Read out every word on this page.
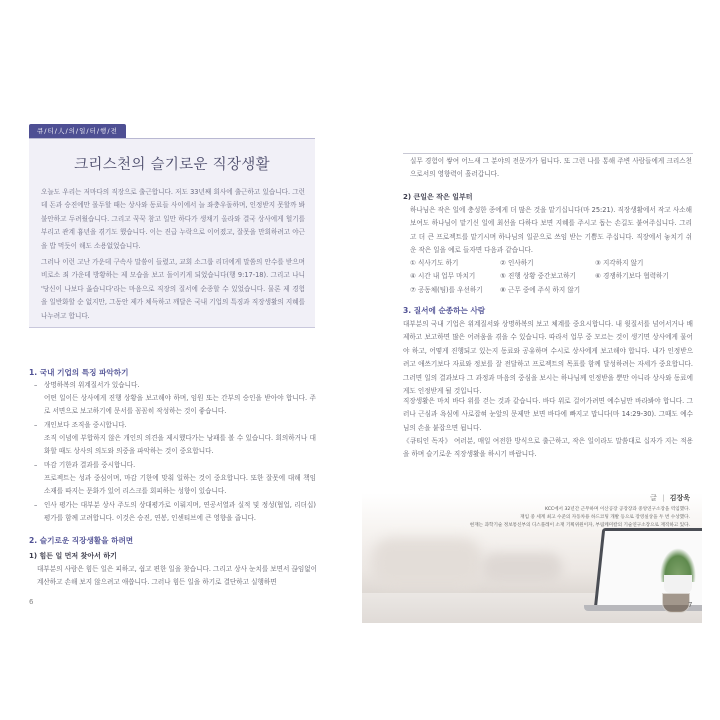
큐/티/人/의/일/터/행/전
크리스천의 슬기로운 직장생활
오늘도 우리는 저마다의 직장으로 출근합니다. 저도 33년째 회사에 출근하고 있습니다. 그런데 돈과 승진에만 몰두할 때는 상사와 동료들 사이에서 늘 좌충우돌하며, 인정받지 못할까 봐 불안하고 두려웠습니다. 그리고 꾹꾹 참고 일만 하다가 생채기 올라와 결국 상사에게 헐기를 부리고 관계 흉년을 겪기도 했습니다. 이는 진급 누락으로 이어졌고, 잘못을 만회하려고 야근을 밥 먹듯이 해도 소용없었습니다.
그러나 이런 고난 가운데 구속사 말씀이 들렸고, 교회 소그룹 리더에게 말씀의 안수를 받으며 비로소 죄 가운데 방황하는 제 모습을 보고 돌이키게 되었습니다(행 9:17-18). 그리고 나니 '당신이 나보다 옳습니다'라는 마음으로 직장의 질서에 순종할 수 있었습니다. 물론 제 경험을 일반화할 순 없지만, 그동안 제가 체득하고 깨달은 국내 기업의 특징과 직장생활의 지혜를 나누려고 합니다.
1. 국내 기업의 특징 파악하기
– 상명하복의 위계질서가 있습니다.
어떤 일이든 상사에게 진행 상황을 보고해야 하며, 임원 또는 간부의 승인을 받아야 합니다. 주로 서면으로 보고하기에 문서를 꼼꼼히 작성하는 것이 좋습니다.
– 개인보다 조직을 중시합니다.
조직 이념에 부합하지 않은 개인의 의견을 제시했다가는 낭패를 볼 수 있습니다. 회의하거나 대화할 때도 상사의 의도와 의중을 파악하는 것이 중요합니다.
– 마감 기한과 결과를 중시합니다.
프로젝트는 성과 중심이며, 마감 기한에 맞춰 일하는 것이 중요합니다. 또한 잘못에 대해 책임 소재를 따지는 문화가 있어 리스크를 회피하는 성향이 있습니다.
–	인사 평가는 대부분 상사 주도의 상대평가로 이뤄지며, 연공서열과 실적 및 정성(협업, 리더십) 평가를 함께 고려합니다. 이것은 승진, 연봉, 인센티브에 큰 영향을 줍니다.
2. 슬기로운 직장생활을 하려면
1) 힘든 일 먼저 찾아서 하기
대부분의 사람은 힘든 일은 피하고, 쉽고 편한 일을 찾습니다. 그리고 상사 눈치를 보면서 끊임없이 계산하고 손해 보지 않으려고 애씁니다. 그러나 힘든 일을 하기로 결단하고 실행하면
6
실무 경험이 쌓여 어느새 그 분야의 전문가가 됩니다. 또 그런 나를 통해 주변 사람들에게 크리스천으로서의 영향력이 흘러갑니다.
2) 큰일은 작은 일부터
하나님은 작은 일에 충성한 종에게 더 많은 것을 맡기십니다(마 25:21). 직장생활에서 작고 사소해 보여도 하나님이 맡기신 일에 최선을 다하다 보면 지혜를 주시고 돕는 손길도 붙여주십니다. 그리고 더 큰 프로젝트를 맡기시며 하나님의 일꾼으로 쓰임 받는 기쁨도 주십니다. 직장에서 놓치기 쉬운 작은 일을 예로 들자면 다음과 같습니다.
① 식사기도 하기	② 인사하기	③ 지각하지 않기
④ 시간 내 업무 마치기	⑤ 진행 상황 중간보고하기	⑥ 경쟁하기보다 협력하기
⑦ 공동체(팀)를 우선하기	⑧ 근무 중에 주식 하지 않기
3. 질서에 순종하는 사람
대부분의 국내 기업은 위계질서와 상명하복의 보고 체계를 중요시합니다. 내 윗질서를 넘어서거나 배제하고 보고하면 많은 어려움을 겪을 수 있습니다. 따라서 업무 중 모르는 것이 생기면 상사에게 물어야 하고, 어떻게 진행되고 있는지 동료와 공유하며 수시로 상사에게 보고해야 합니다. 내가 인정받으려고 애쓰기보다 자료와 정보를 잘 전달하고 프로젝트의 목표를 함께 달성하려는 자세가 중요합니다. 그러면 일의 결과보다 그 과정과 마음의 중심을 보시는 하나님께 인정받을 뿐만 아니라 상사와 동료에게도 인정받게 될 것입니다.
직장생활은 마치 바다 위를 걷는 것과 같습니다. 바다 위로 걸어가려면 예수님만 바라봐야 합니다. 그러나 근심과 욕심에 사로잡혀 눈앞의 문제만 보면 바다에 빠지고 맙니다(마 14:29-30). 그때도 예수님의 손을 붙잡으면 됩니다.
《큐티인 독자》 여러분, 매일 여전한 방식으로 출근하고, 작은 일이라도 말씀대로 십자가 지는 적용을 하며 슬기로운 직장생활을 하시기 바랍니다.
7
글 | 김장욱
KCC에서 32년간 근무하며 이산공장 공장장과 중앙연구소장을 역임했다.
재임 중 세계 최고 수준의 자동차용 하드코팅 개발 등으로 장영실상을 두 번 수상했다.
현재는 과학기술 정보통신부의 디스플레이 소재 기획위원이자, 부림케미칼의 기술연구소장으로 재직하고 있다.
